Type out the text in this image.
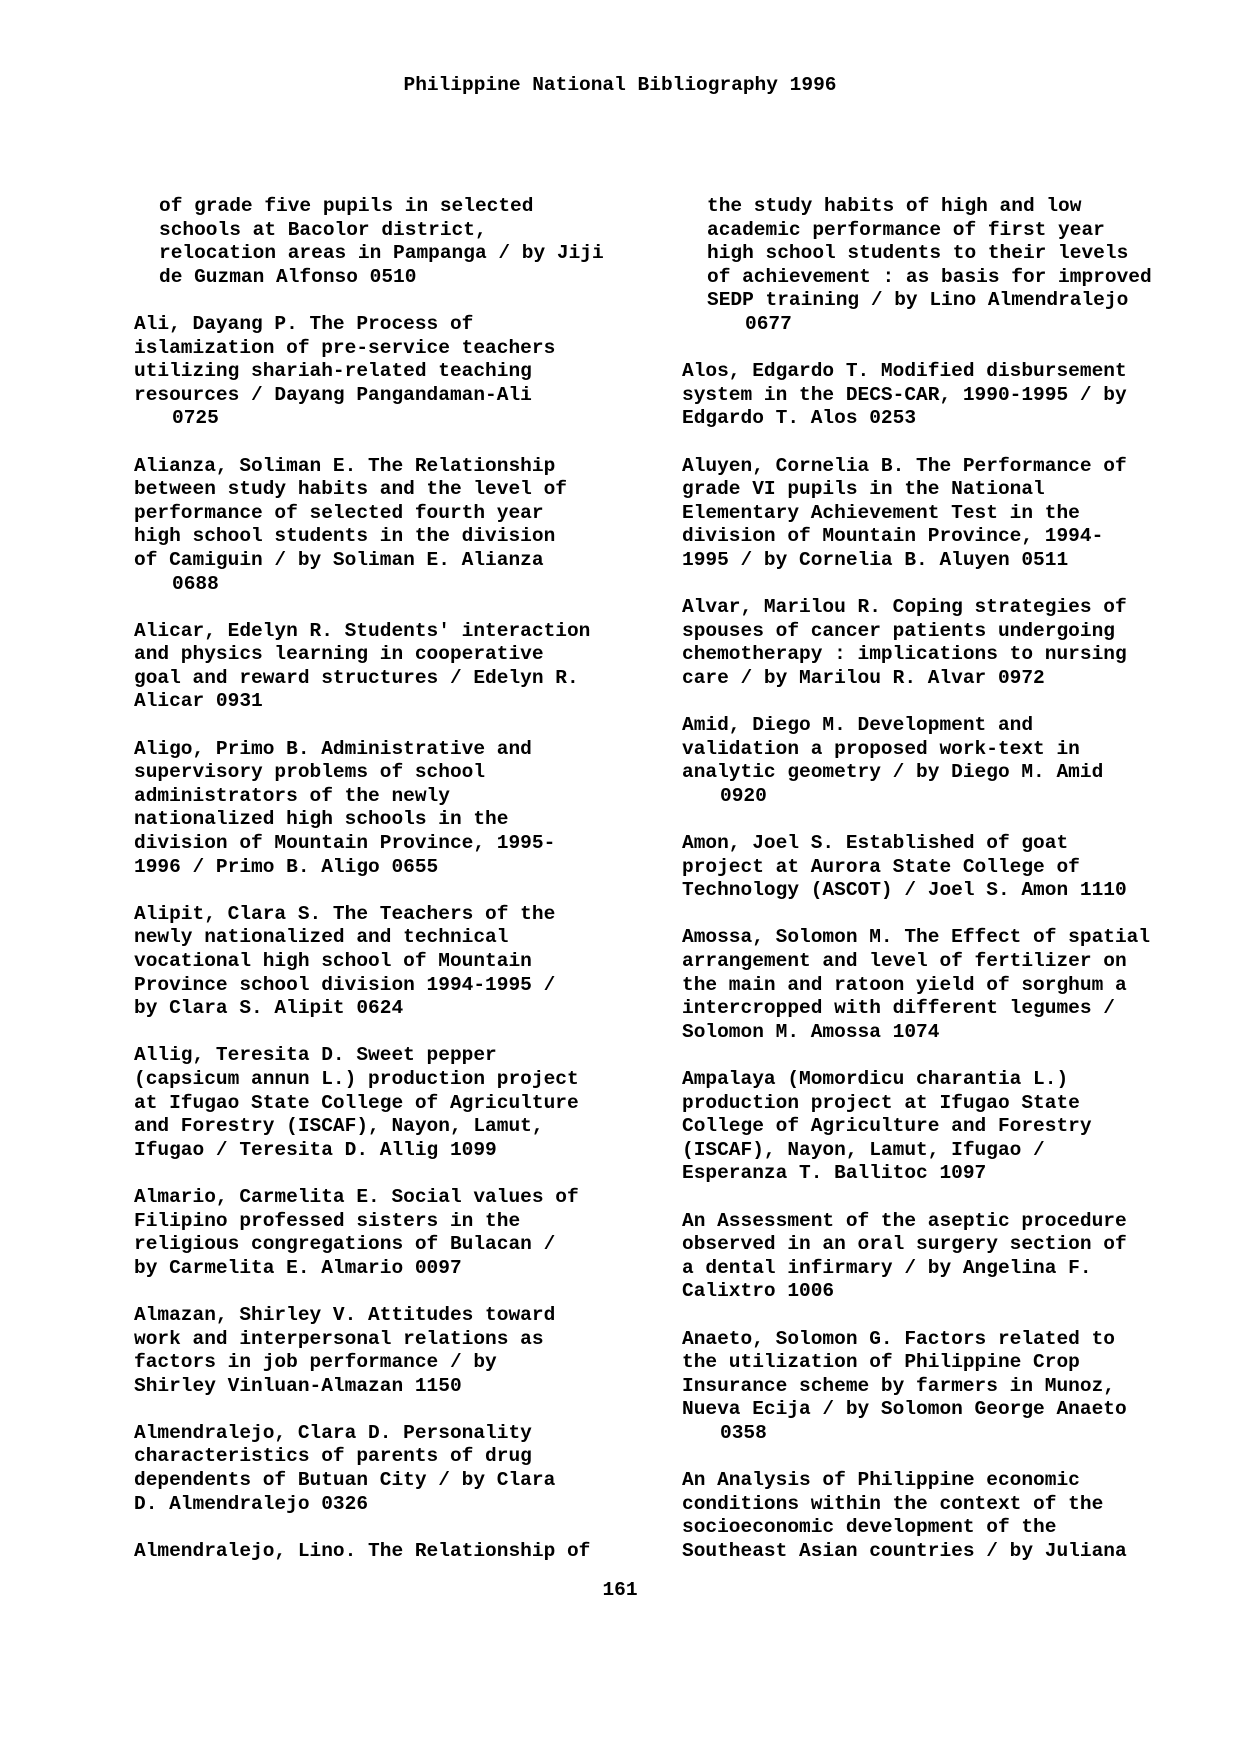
Philippine National Bibliography 1996
of grade five pupils in selected
schools at Bacolor district,
relocation areas in Pampanga / by Jiji
de Guzman Alfonso 0510
Ali, Dayang P. The Process of
islamization of pre-service teachers
utilizing shariah-related teaching
resources / Dayang Pangandaman-Ali
0725
Alianza, Soliman E. The Relationship
between study habits and the level of
performance of selected fourth year
high school students in the division
of Camiguin / by Soliman E. Alianza
0688
Alicar, Edelyn R. Students' interaction
and physics learning in cooperative
goal and reward structures / Edelyn R.
Alicar 0931
Aligo, Primo B. Administrative and
supervisory problems of school
administrators of the newly
nationalized high schools in the
division of Mountain Province, 1995-
1996 / Primo B. Aligo 0655
Alipit, Clara S. The Teachers of the
newly nationalized and technical
vocational high school of Mountain
Province school division 1994-1995 /
by Clara S. Alipit 0624
Allig, Teresita D. Sweet pepper
(capsicum annun L.) production project
at Ifugao State College of Agriculture
and Forestry (ISCAF), Nayon, Lamut,
Ifugao / Teresita D. Allig 1099
Almario, Carmelita E. Social values of
Filipino professed sisters in the
religious congregations of Bulacan /
by Carmelita E. Almario 0097
Almazan, Shirley V. Attitudes toward
work and interpersonal relations as
factors in job performance / by
Shirley Vinluan-Almazan 1150
Almendralejo, Clara D. Personality
characteristics of parents of drug
dependents of Butuan City / by Clara
D. Almendralejo 0326
Almendralejo, Lino. The Relationship of
the study habits of high and low
academic performance of first year
high school students to their levels
of achievement : as basis for improved
SEDP training / by Lino Almendralejo
0677
Alos, Edgardo T. Modified disbursement
system in the DECS-CAR, 1990-1995 / by
Edgardo T. Alos 0253
Aluyen, Cornelia B. The Performance of
grade VI pupils in the National
Elementary Achievement Test in the
division of Mountain Province, 1994-
1995 / by Cornelia B. Aluyen 0511
Alvar, Marilou R. Coping strategies of
spouses of cancer patients undergoing
chemotherapy : implications to nursing
care / by Marilou R. Alvar 0972
Amid, Diego M. Development and
validation a proposed work-text in
analytic geometry / by Diego M. Amid
0920
Amon, Joel S. Established of goat
project at Aurora State College of
Technology (ASCOT) / Joel S. Amon 1110
Amossa, Solomon M. The Effect of spatial
arrangement and level of fertilizer on
the main and ratoon yield of sorghum a
intercropped with different legumes /
Solomon M. Amossa 1074
Ampalaya (Momordicu charantia L.)
production project at Ifugao State
College of Agriculture and Forestry
(ISCAF), Nayon, Lamut, Ifugao /
Esperanza T. Ballitoc 1097
An Assessment of the aseptic procedure
observed in an oral surgery section of
a dental infirmary / by Angelina F.
Calixtro 1006
Anaeto, Solomon G. Factors related to
the utilization of Philippine Crop
Insurance scheme by farmers in Munoz,
Nueva Ecija / by Solomon George Anaeto
0358
An Analysis of Philippine economic
conditions within the context of the
socioeconomic development of the
Southeast Asian countries / by Juliana
161
